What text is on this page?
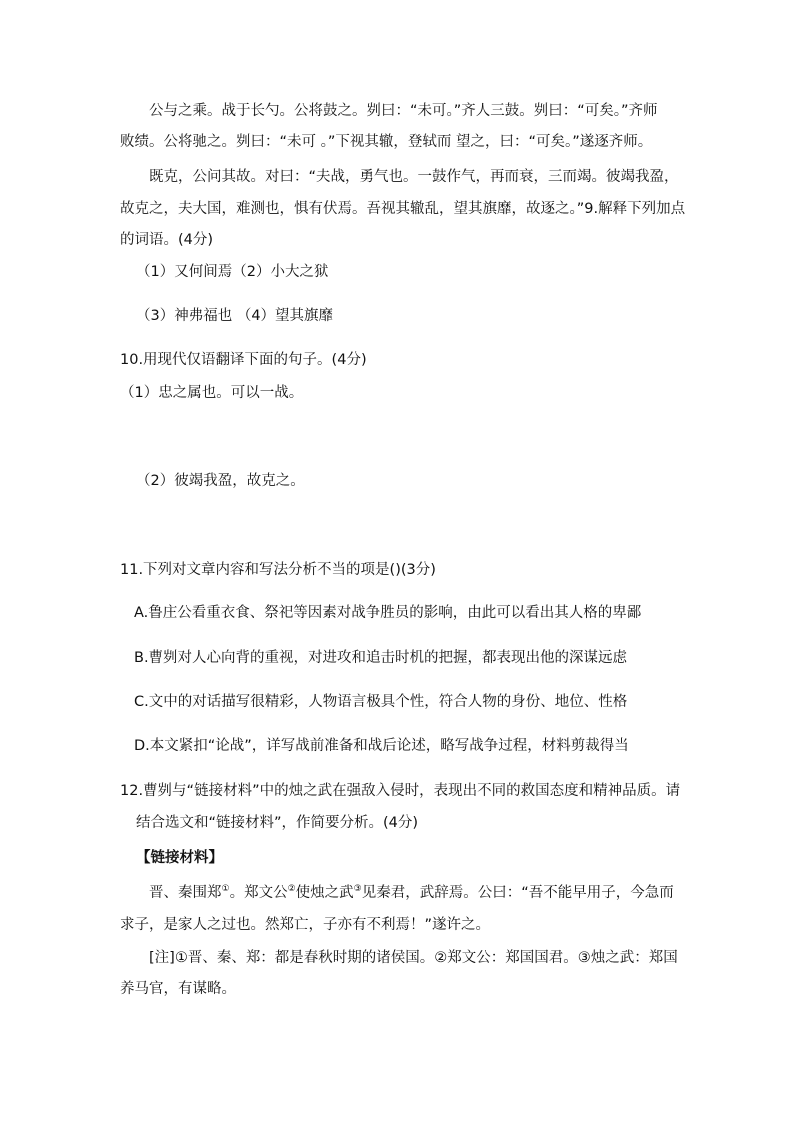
公与之乘。战于长勺。公将鼓之。刿曰：“未可。”齐人三鼓。刿曰：“可矣。”齐师
败绩。公将驰之。刿曰：“未可 。”下视其辙，登轼而 望之，曰：“可矣。”遂逐齐师。
既克，公问其故。对曰：“夫战，勇气也。一鼓作气，再而衰，三而竭。彼竭我盈，
故克之，夫大国，难测也，惧有伏焉。吾视其辙乱，望其旗靡，故逐之。”9.解释下列加点
的词语。(4分)
（1）又何间焉（2）小大之狱
（3）神弗福也 （4）望其旗靡
10.用现代仅语翻译下面的句子。(4分)
（1）忠之属也。可以一战。
（2）彼竭我盈，故克之。
11.下列对文章内容和写法分析不当的项是()(3分)
A.鲁庄公看重衣食、祭祀等因素对战争胜员的影响，由此可以看出其人格的卑鄙
B.曹刿对人心向背的重视，对进攻和追击时机的把握，都表现出他的深谋远虑
C.文中的对话描写很精彩，人物语言极具个性，符合人物的身份、地位、性格
D.本文紧扣“论战”，详写战前准备和战后论述，略写战争过程，材料剪裁得当
12.曹刿与“链接材料”中的烛之武在强敌入侵时，表现出不同的救国态度和精神品质。请
结合选文和“链接材料”，作简要分析。(4分)
【链接材料】
晋、秦围郑①。郑文公②使烛之武③见秦君，武辞焉。公曰：“吾不能早用子，今急而
求子，是家人之过也。然郑亡，子亦有不利焉！”遂许之。
[注]①晋、秦、郑：都是春秋时期的诸侯国。②郑文公：郑国国君。③烛之武：郑国
养马官，有谋略。
